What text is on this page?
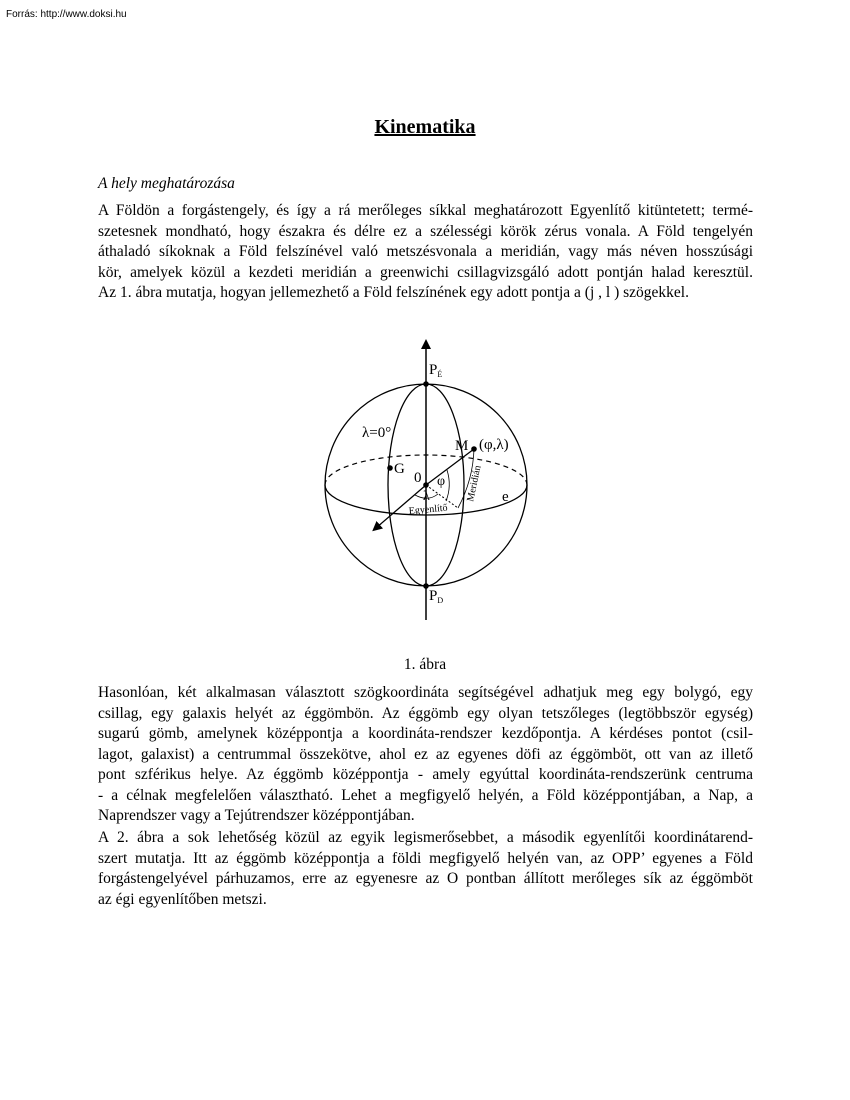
Forrás: http://www.doksi.hu
Kinematika
A hely meghatározása

A Földön a forgástengely, és így a rá merőleges síkkal meghatározott Egyenlítő kitüntetett; termé-
szetesnek mondható, hogy északra és délre ez a szélességi körök zérus vonala. A Föld tengelyén
áthaladó síkoknak a Föld felszínével való metszésvonala a meridián, vagy más néven hosszúsági
kör, amelyek közül a kezdeti meridián a greenwichi csillagvizsgáló adott pontján halad keresztül.
Az 1. ábra mutatja, hogyan jellemezhető a Föld felszínének egy adott pontja a (j , l ) szögekkel.

$P_É$
$P_D$
λ=0°
G
M (φ,λ)
0 φ
λ	Meridián
Egyenlítő
e
1. ábra

Hasonlóan, két alkalmasan választott szögkoordináta segítségével adhatjuk meg egy bolygó, egy
csillag, egy galaxis helyét az éggömbön. Az éggömb egy olyan tetszőleges (legtöbbször egység)
sugarú gömb, amelynek középpontja a koordináta-rendszer kezdőpontja. A kérdéses pontot (csil-
lagot, galaxist) a centrummal összekötve, ahol ez az egyenes döfi az éggömböt, ott van az illető
pont szférikus helye. Az éggömb középpontja - amely egyúttal koordináta-rendszerünk centruma
- a célnak megfelelően választható. Lehet a megfigyelő helyén, a Föld középpontjában, a Nap, a
Naprendszer vagy a Tejútrendszer középpontjában.

A 2. ábra a sok lehetőség közül az egyik legismerősebbet, a második egyenlítői koordinátarend-
szert mutatja. Itt az éggömb középpontja a földi megfigyelő helyén van, az OPP’ egyenes a Föld
forgástengelyével párhuzamos, erre az egyenesre az O pontban állított merőleges sík az éggömböt
az égi egyenlítőben metszi.
